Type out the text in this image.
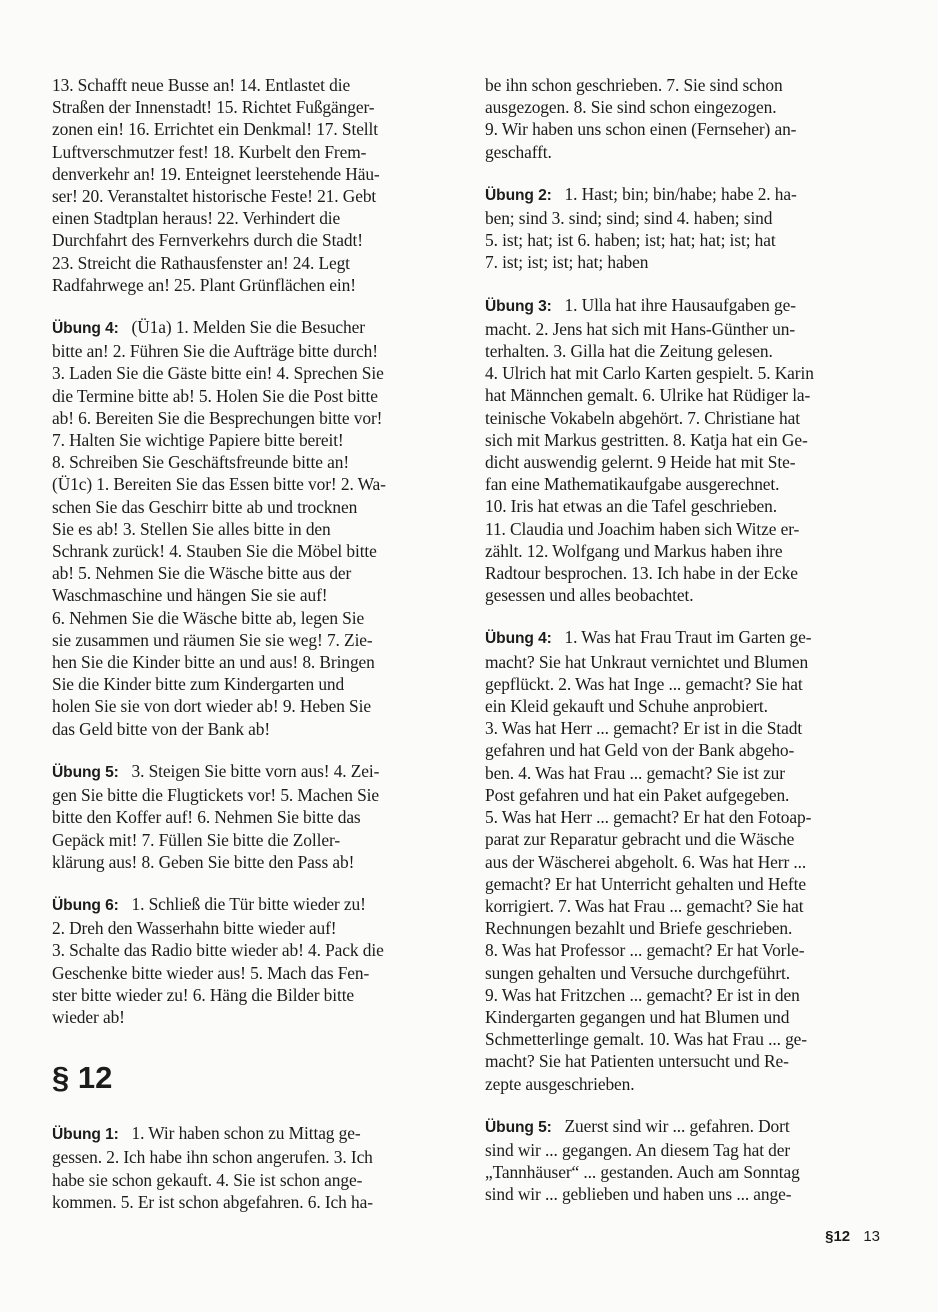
13. Schafft neue Busse an! 14. Entlastet die
Straßen der Innenstadt! 15. Richtet Fußgänger-
zonen ein! 16. Errichtet ein Denkmal! 17. Stellt
Luftverschmutzer fest! 18. Kurbelt den Frem-
denverkehr an! 19. Enteignet leerstehende Häu-
ser! 20. Veranstaltet historische Feste! 21. Gebt
einen Stadtplan heraus! 22. Verhindert die
Durchfahrt des Fernverkehrs durch die Stadt!
23. Streicht die Rathausfenster an! 24. Legt
Radfahrwege an! 25. Plant Grünflächen ein!
Übung 4: (Ü1a) 1. Melden Sie die Besucher
bitte an! 2. Führen Sie die Aufträge bitte durch!
3. Laden Sie die Gäste bitte ein! 4. Sprechen Sie
die Termine bitte ab! 5. Holen Sie die Post bitte
ab! 6. Bereiten Sie die Besprechungen bitte vor!
7. Halten Sie wichtige Papiere bitte bereit!
8. Schreiben Sie Geschäftsfreunde bitte an!
(Ü1c) 1. Bereiten Sie das Essen bitte vor! 2. Wa-
schen Sie das Geschirr bitte ab und trocknen
Sie es ab! 3. Stellen Sie alles bitte in den
Schrank zurück! 4. Stauben Sie die Möbel bitte
ab! 5. Nehmen Sie die Wäsche bitte aus der
Waschmaschine und hängen Sie sie auf!
6. Nehmen Sie die Wäsche bitte ab, legen Sie
sie zusammen und räumen Sie sie weg! 7. Zie-
hen Sie die Kinder bitte an und aus! 8. Bringen
Sie die Kinder bitte zum Kindergarten und
holen Sie sie von dort wieder ab! 9. Heben Sie
das Geld bitte von der Bank ab!
Übung 5: 3. Steigen Sie bitte vorn aus! 4. Zei-
gen Sie bitte die Flugtickets vor! 5. Machen Sie
bitte den Koffer auf! 6. Nehmen Sie bitte das
Gepäck mit! 7. Füllen Sie bitte die Zoller-
klärung aus! 8. Geben Sie bitte den Pass ab!
Übung 6: 1. Schließ die Tür bitte wieder zu!
2. Dreh den Wasserhahn bitte wieder auf!
3. Schalte das Radio bitte wieder ab! 4. Pack die
Geschenke bitte wieder aus! 5. Mach das Fen-
ster bitte wieder zu! 6. Häng die Bilder bitte
wieder ab!
§ 12
Übung 1: 1. Wir haben schon zu Mittag ge-
gessen. 2. Ich habe ihn schon angerufen. 3. Ich
habe sie schon gekauft. 4. Sie ist schon ange-
kommen. 5. Er ist schon abgefahren. 6. Ich ha-
be ihn schon geschrieben. 7. Sie sind schon
ausgezogen. 8. Sie sind schon eingezogen.
9. Wir haben uns schon einen (Fernseher) an-
geschafft.
Übung 2: 1. Hast; bin; bin/habe; habe 2. ha-
ben; sind 3. sind; sind; sind 4. haben; sind
5. ist; hat; ist 6. haben; ist; hat; hat; ist; hat
7. ist; ist; ist; hat; haben
Übung 3: 1. Ulla hat ihre Hausaufgaben ge-
macht. 2. Jens hat sich mit Hans-Günther un-
terhalten. 3. Gilla hat die Zeitung gelesen.
4. Ulrich hat mit Carlo Karten gespielt. 5. Karin
hat Männchen gemalt. 6. Ulrike hat Rüdiger la-
teinische Vokabeln abgehört. 7. Christiane hat
sich mit Markus gestritten. 8. Katja hat ein Ge-
dicht auswendig gelernt. 9 Heide hat mit Ste-
fan eine Mathematikaufgabe ausgerechnet.
10. Iris hat etwas an die Tafel geschrieben.
11. Claudia und Joachim haben sich Witze er-
zählt. 12. Wolfgang und Markus haben ihre
Radtour besprochen. 13. Ich habe in der Ecke
gesessen und alles beobachtet.
Übung 4: 1. Was hat Frau Traut im Garten ge-
macht? Sie hat Unkraut vernichtet und Blumen
gepflückt. 2. Was hat Inge ... gemacht? Sie hat
ein Kleid gekauft und Schuhe anprobiert.
3. Was hat Herr ... gemacht? Er ist in die Stadt
gefahren und hat Geld von der Bank abgeho-
ben. 4. Was hat Frau ... gemacht? Sie ist zur
Post gefahren und hat ein Paket aufgegeben.
5. Was hat Herr ... gemacht? Er hat den Fotoap-
parat zur Reparatur gebracht und die Wäsche
aus der Wäscherei abgeholt. 6. Was hat Herr ...
gemacht? Er hat Unterricht gehalten und Hefte
korrigiert. 7. Was hat Frau ... gemacht? Sie hat
Rechnungen bezahlt und Briefe geschrieben.
8. Was hat Professor ... gemacht? Er hat Vorle-
sungen gehalten und Versuche durchgeführt.
9. Was hat Fritzchen ... gemacht? Er ist in den
Kindergarten gegangen und hat Blumen und
Schmetterlinge gemalt. 10. Was hat Frau ... ge-
macht? Sie hat Patienten untersucht und Re-
zepte ausgeschrieben.
Übung 5: Zuerst sind wir ... gefahren. Dort
sind wir ... gegangen. An diesem Tag hat der
„Tannhäuser“ ... gestanden. Auch am Sonntag
sind wir ... geblieben und haben uns ... ange-
§12 13
